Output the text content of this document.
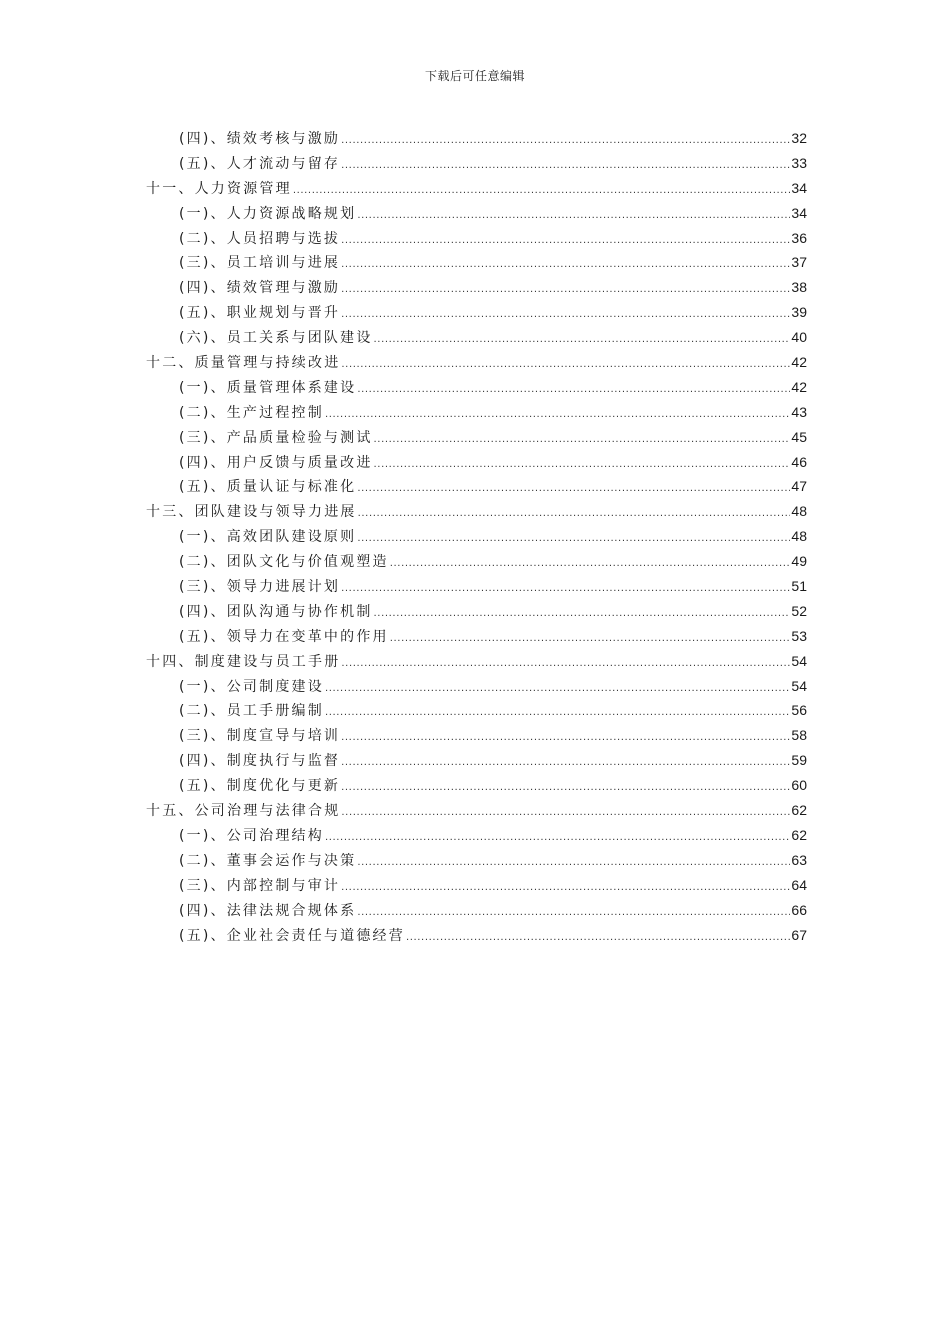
下载后可任意编辑
(四)、绩效考核与激励 .....	32
(五)、人才流动与留存 .....	33
十一、人力资源管理 .....	34
(一)、人力资源战略规划 .....	34
(二)、人员招聘与选拔 .....	36
(三)、员工培训与进展 .....	37
(四)、绩效管理与激励 .....	38
(五)、职业规划与晋升 .....	39
(六)、员工关系与团队建设 .....	40
十二、质量管理与持续改进 .....	42
(一)、质量管理体系建设 .....	42
(二)、生产过程控制 .....	43
(三)、产品质量检验与测试 .....	45
(四)、用户反馈与质量改进 .....	46
(五)、质量认证与标准化 .....	47
十三、团队建设与领导力进展 .....	48
(一)、高效团队建设原则 .....	48
(二)、团队文化与价值观塑造 .....	49
(三)、领导力进展计划 .....	51
(四)、团队沟通与协作机制 .....	52
(五)、领导力在变革中的作用 .....	53
十四、制度建设与员工手册 .....	54
(一)、公司制度建设 .....	54
(二)、员工手册编制 .....	56
(三)、制度宣导与培训 .....	58
(四)、制度执行与监督 .....	59
(五)、制度优化与更新 .....	60
十五、公司治理与法律合规 .....	62
(一)、公司治理结构 .....	62
(二)、董事会运作与决策 .....	63
(三)、内部控制与审计 .....	64
(四)、法律法规合规体系 .....	66
(五)、企业社会责任与道德经营 .....	67
